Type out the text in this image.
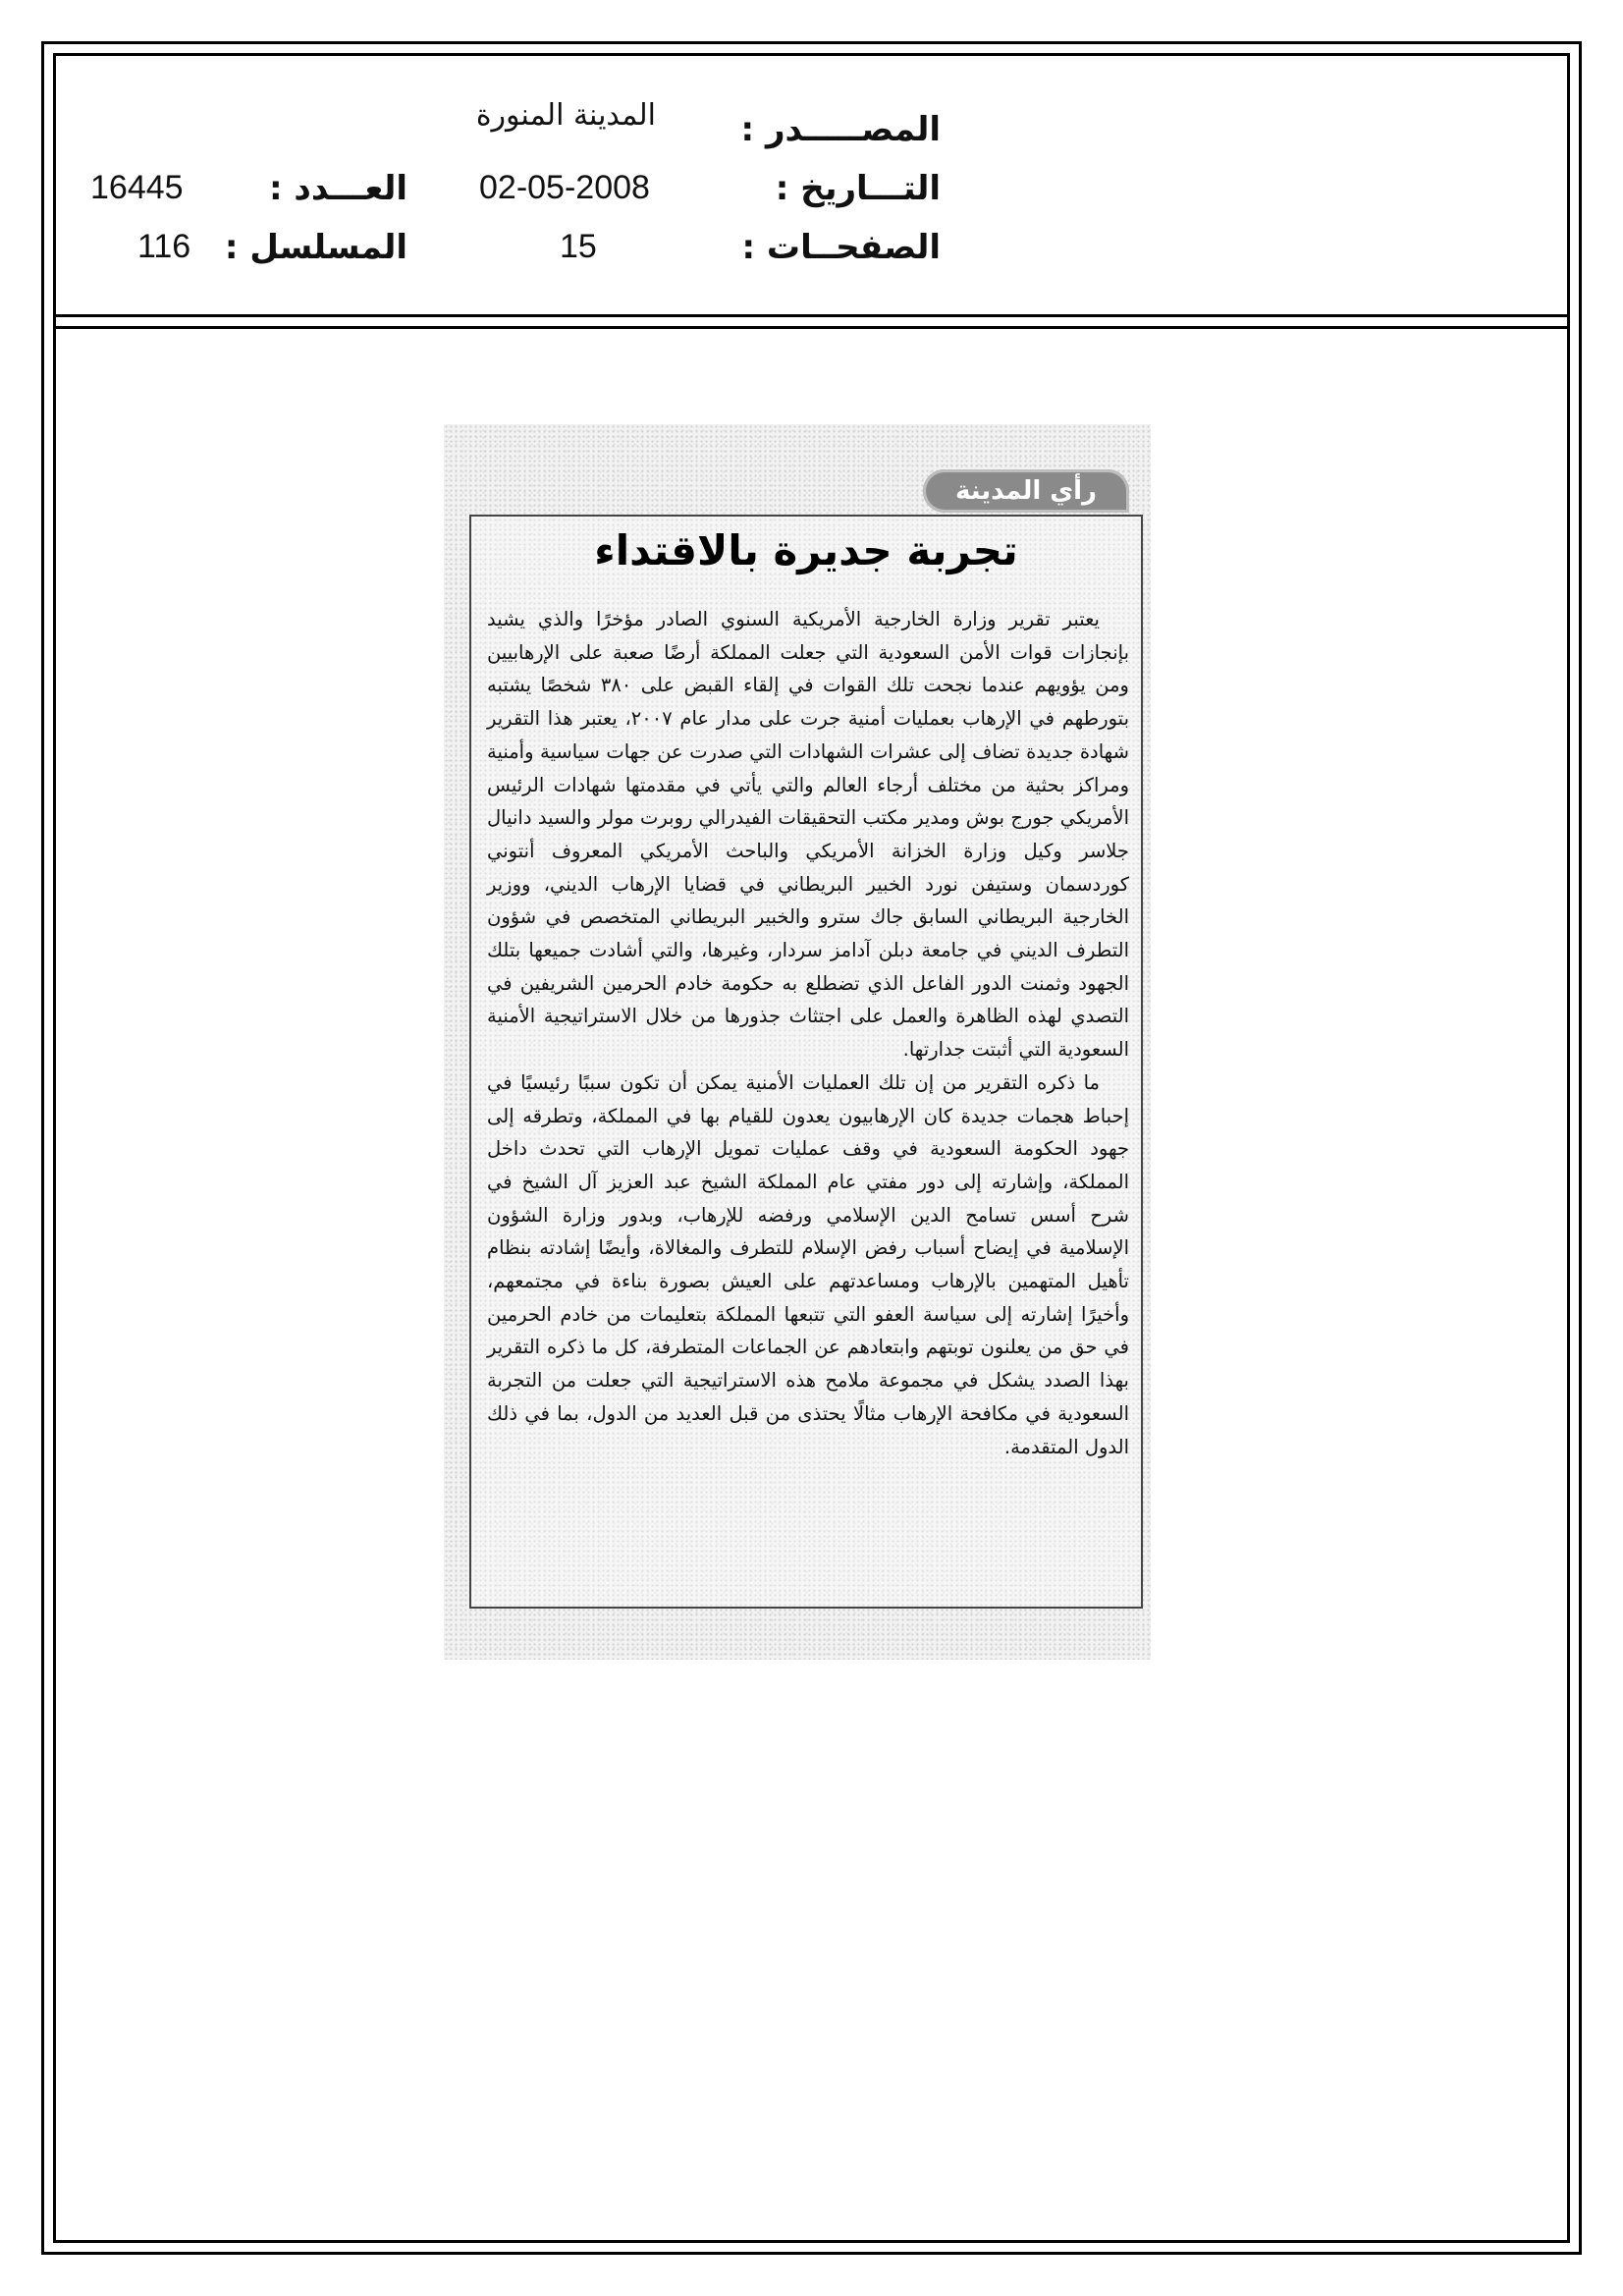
المصـــــدر :
المدينة المنورة
التـــاريخ :
02-05-2008
العـــدد :
16445
الصفحــات :
15
المسلسل :
116
رأي المدينة
تجربة جديرة بالاقتداء

يعتبر تقرير وزارة الخارجية الأمريكية السنوي الصادر مؤخرًا والذي يشيد بإنجازات قوات الأمن السعودية التي جعلت المملكة أرضًا صعبة على الإرهابيين ومن يؤويهم عندما نجحت تلك القوات في إلقاء القبض على ٣٨٠ شخصًا يشتبه بتورطهم في الإرهاب بعمليات أمنية جرت على مدار عام ٢٠٠٧، يعتبر هذا التقرير شهادة جديدة تضاف إلى عشرات الشهادات التي صدرت عن جهات سياسية وأمنية ومراكز بحثية من مختلف أرجاء العالم والتي يأتي في مقدمتها شهادات الرئيس الأمريكي جورج بوش ومدير مكتب التحقيقات الفيدرالي روبرت مولر والسيد دانيال جلاسر وكيل وزارة الخزانة الأمريكي والباحث الأمريكي المعروف أنتوني كوردسمان وستيفن نورد الخبير البريطاني في قضايا الإرهاب الديني، ووزير الخارجية البريطاني السابق جاك سترو والخبير البريطاني المتخصص في شؤون التطرف الديني في جامعة دبلن آدامز سردار، وغيرها، والتي أشادت جميعها بتلك الجهود وثمنت الدور الفاعل الذي تضطلع به حكومة خادم الحرمين الشريفين في التصدي لهذه الظاهرة والعمل على اجتثاث جذورها من خلال الاستراتيجية الأمنية السعودية التي أثبتت جدارتها.

ما ذكره التقرير من إن تلك العمليات الأمنية يمكن أن تكون سببًا رئيسيًا في إحباط هجمات جديدة كان الإرهابيون يعدون للقيام بها في المملكة، وتطرقه إلى جهود الحكومة السعودية في وقف عمليات تمويل الإرهاب التي تحدث داخل المملكة، وإشارته إلى دور مفتي عام المملكة الشيخ عبد العزيز آل الشيخ في شرح أسس تسامح الدين الإسلامي ورفضه للإرهاب، وبدور وزارة الشؤون الإسلامية في إيضاح أسباب رفض الإسلام للتطرف والمغالاة، وأيضًا إشادته بنظام تأهيل المتهمين بالإرهاب ومساعدتهم على العيش بصورة بناءة في مجتمعهم، وأخيرًا إشارته إلى سياسة العفو التي تتبعها المملكة بتعليمات من خادم الحرمين في حق من يعلنون توبتهم وابتعادهم عن الجماعات المتطرفة، كل ما ذكره التقرير بهذا الصدد يشكل في مجموعة ملامح هذه الاستراتيجية التي جعلت من التجربة السعودية في مكافحة الإرهاب مثالًا يحتذى من قبل العديد من الدول، بما في ذلك الدول المتقدمة.
